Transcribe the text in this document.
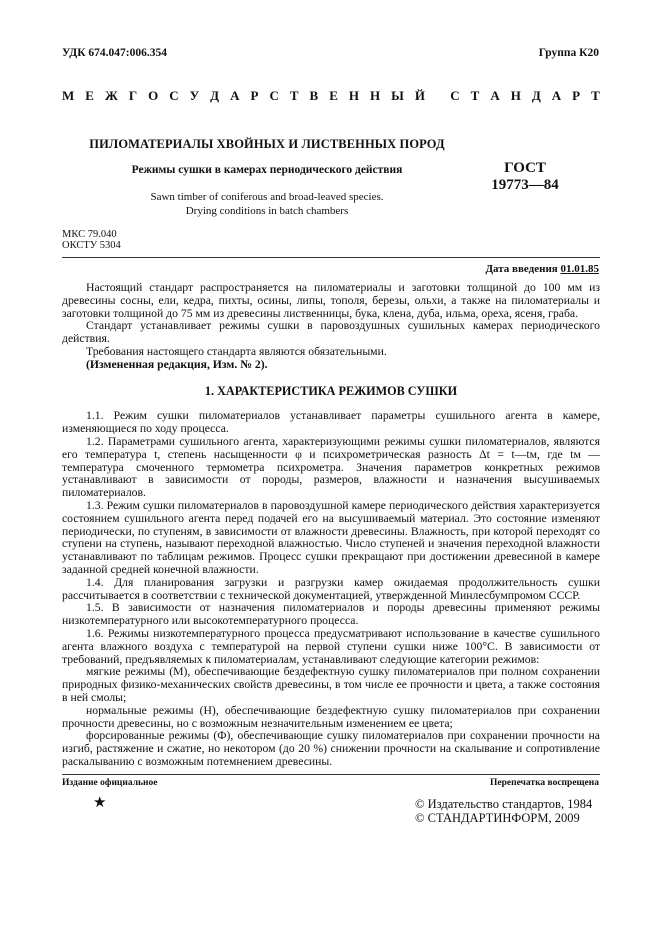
УДК 674.047:006.354	Группа К20
М Е Ж Г О С У Д А Р С Т В Е Н Н Ы Й
С Т А Н Д А Р Т
ПИЛОМАТЕРИАЛЫ ХВОЙНЫХ И ЛИСТВЕННЫХ ПОРОД
Режимы сушки в камерах периодического действия
Sawn timber of coniferous and broad-leaved species.
Drying conditions in batch chambers
ГОСТ
19773—84
МКС 79.040
ОКСТУ 5304
Дата введения 01.01.85

Настоящий стандарт распространяется на пиломатериалы и заготовки толщиной до 100 мм из древесины сосны, ели, кедра, пихты, осины, липы, тополя, березы, ольхи, а также на пиломатериалы и заготовки толщиной до 75 мм из древесины лиственницы, бука, клена, дуба, ильма, ореха, ясеня, граба.

Стандарт устанавливает режимы сушки в паровоздушных сушильных камерах периодического действия.

Требования настоящего стандарта являются обязательными.

(Измененная редакция, Изм. № 2).

1. ХАРАКТЕРИСТИКА РЕЖИМОВ СУШКИ

1.1. Режим сушки пиломатериалов устанавливает параметры сушильного агента в камере, изменяющиеся по ходу процесса.

1.2. Параметрами сушильного агента, характеризующими режимы сушки пиломатериалов, являются его температура t, степень насыщенности φ и психрометрическая разность Δt = t—tм, где tм — температура смоченного термометра психрометра. Значения параметров конкретных режимов устанавливают в зависимости от породы, размеров, влажности и назначения высушиваемых пиломатериалов.

1.3. Режим сушки пиломатериалов в паровоздушной камере периодического действия характеризуется состоянием сушильного агента перед подачей его на высушиваемый материал. Это состояние изменяют периодически, по ступеням, в зависимости от влажности древесины. Влажность, при которой переходят со ступени на ступень, называют переходной влажностью. Число ступеней и значения переходной влажности устанавливают по таблицам режимов. Процесс сушки прекращают при достижении древесиной в камере заданной средней конечной влажности.

1.4. Для планирования загрузки и разгрузки камер ожидаемая продолжительность сушки рассчитывается в соответствии с технической документацией, утвержденной Минлесбумпромом СССР.

1.5. В зависимости от назначения пиломатериалов и породы древесины применяют режимы низкотемпературного или высокотемпературного процесса.

1.6. Режимы низкотемпературного процесса предусматривают использование в качестве сушильного агента влажного воздуха с температурой на первой ступени сушки ниже 100°С. В зависимости от требований, предъявляемых к пиломатериалам, устанавливают следующие категории режимов:

мягкие режимы (М), обеспечивающие бездефектную сушку пиломатериалов при полном сохранении природных физико-механических свойств древесины, в том числе ее прочности и цвета, а также состояния в ней смолы;

нормальные режимы (Н), обеспечивающие бездефектную сушку пиломатериалов при сохранении прочности древесины, но с возможным незначительным изменением ее цвета;

форсированные режимы (Ф), обеспечивающие сушку пиломатериалов при сохранении прочности на изгиб, растяжение и сжатие, но некотором (до 20 %) снижении прочности на скалывание и сопротивление раскалыванию с возможным потемнением древесины.

Издание официальное	Перепечатка воспрещена
★	© Издательство стандартов, 1984
© СТАНДАРТИНФОРМ, 2009
